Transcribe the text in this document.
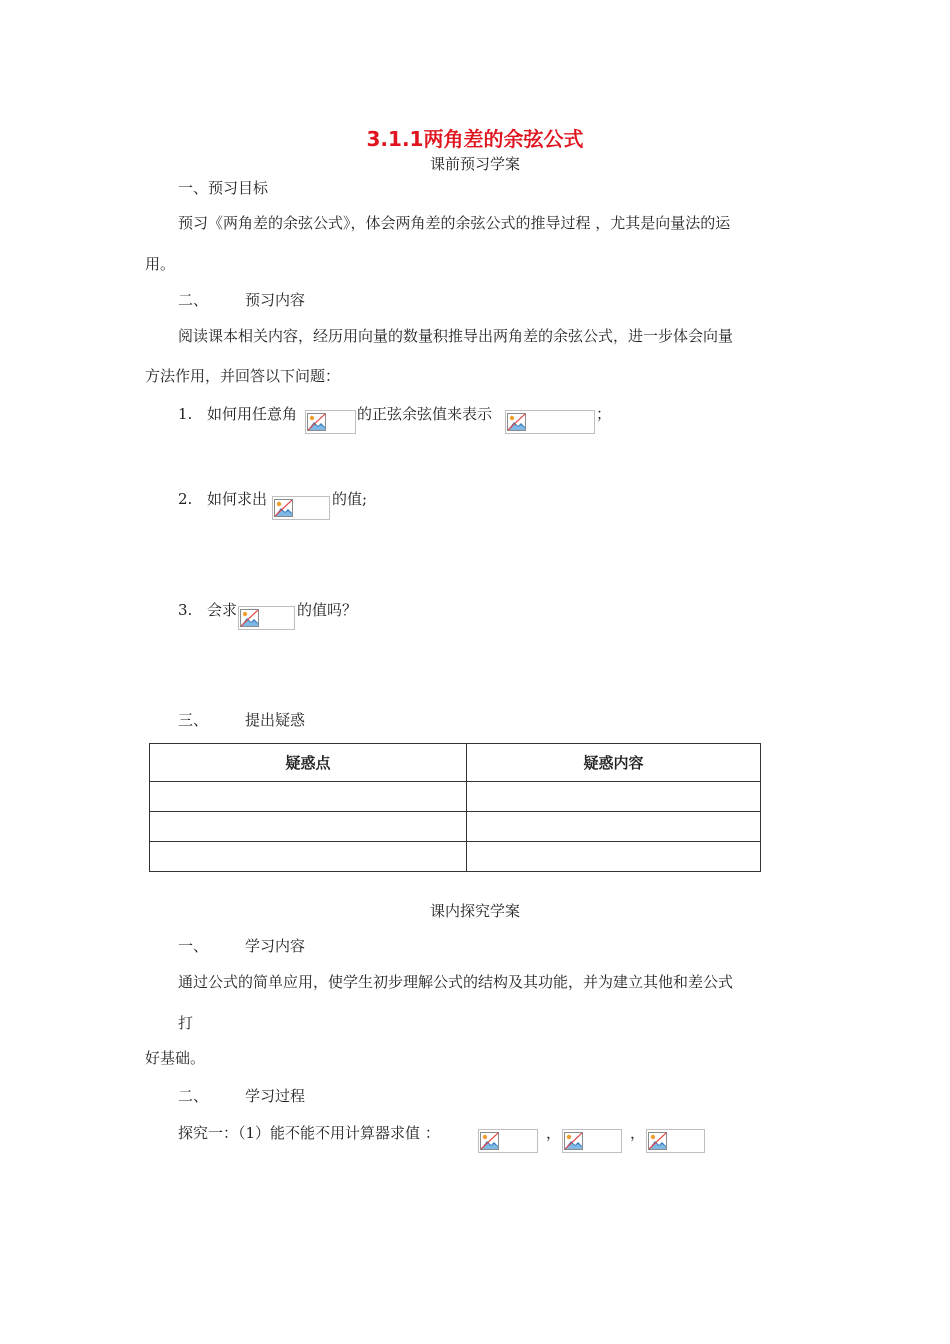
3.1.1两角差的余弦公式
课前预习学案
一、预习目标
预习《两角差的余弦公式》，体会两角差的余弦公式的推导过程 ，尤其是向量法的运
用。
二、 预习内容
阅读课本相关内容，经历用向量的数量积推导出两角差的余弦公式，进一步体会向量
方法作用，并回答以下问题：
1. 如何用任意角	的正弦余弦值来表示	；
2. 如何求出	的值;
3. 会求	的值吗？
三、 提出疑惑
疑惑点	疑惑内容

课内探究学案
一、 学习内容
通过公式的简单应用，使学生初步理解公式的结构及其功能，并为建立其他和差公式
打
好基础。
二、 学习过程
探究一：（1）能不能不用计算器求值 ：	，	，
